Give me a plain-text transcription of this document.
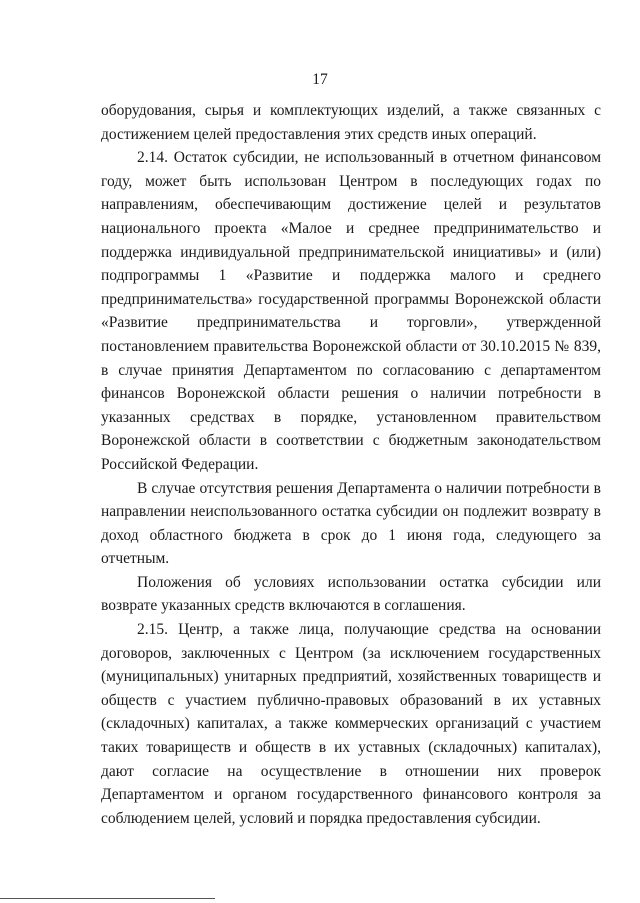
17

оборудования, сырья и комплектующих изделий, а также связанных с достижением целей предоставления этих средств иных операций.

2.14. Остаток субсидии, не использованный в отчетном финансовом году, может быть использован Центром в последующих годах по направлениям, обеспечивающим достижение целей и результатов национального проекта «Малое и среднее предпринимательство и поддержка индивидуальной предпринимательской инициативы» и (или) подпрограммы 1 «Развитие и поддержка малого и среднего предпринимательства» государственной программы Воронежской области «Развитие предпринимательства и торговли», утвержденной постановлением правительства Воронежской области от 30.10.2015 № 839, в случае принятия Департаментом по согласованию с департаментом финансов Воронежской области решения о наличии потребности в указанных средствах в порядке, установленном правительством Воронежской области в соответствии с бюджетным законодательством Российской Федерации.

В случае отсутствия решения Департамента о наличии потребности в направлении неиспользованного остатка субсидии он подлежит возврату в доход областного бюджета в срок до 1 июня года, следующего за отчетным.

Положения об условиях использовании остатка субсидии или возврате указанных средств включаются в соглашения.

2.15. Центр, а также лица, получающие средства на основании договоров, заключенных с Центром (за исключением государственных (муниципальных) унитарных предприятий, хозяйственных товариществ и обществ с участием публично-правовых образований в их уставных (складочных) капиталах, а также коммерческих организаций с участием таких товариществ и обществ в их уставных (складочных) капиталах), дают согласие на осуществление в отношении них проверок Департаментом и органом государственного финансового контроля за соблюдением целей, условий и порядка предоставления субсидии.
